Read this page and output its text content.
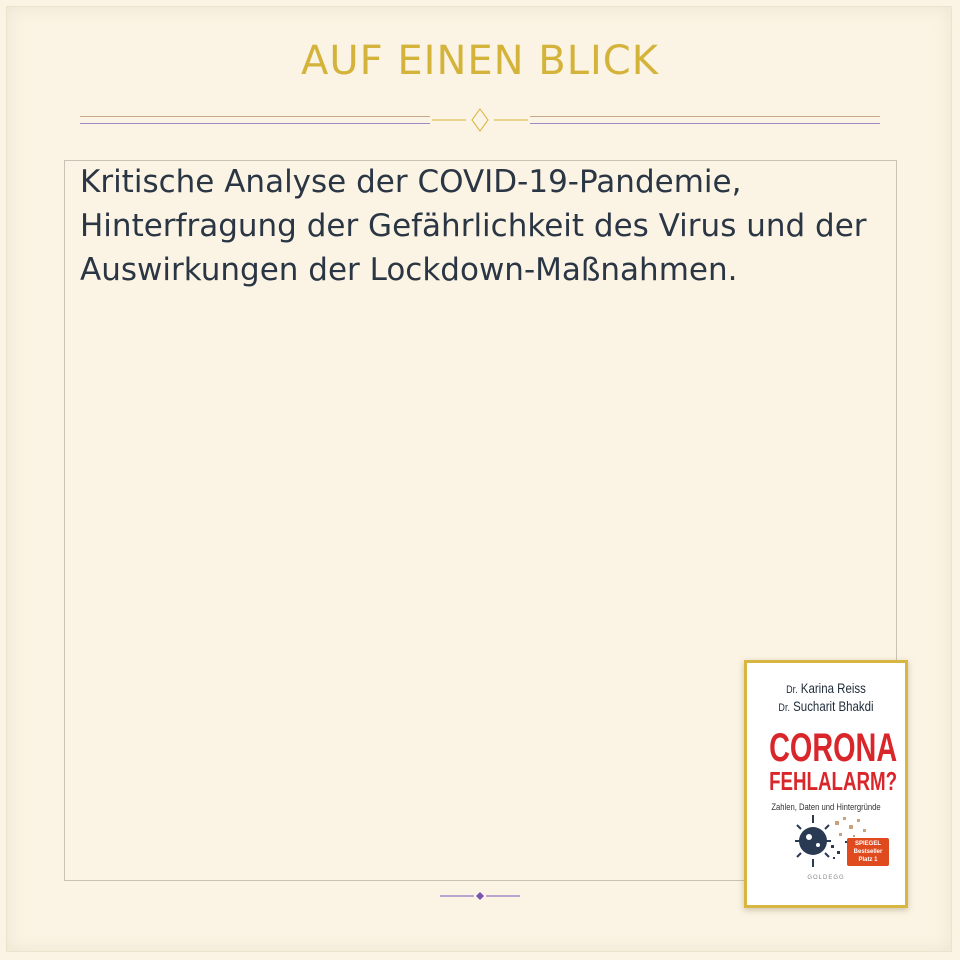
AUF EINEN BLICK

Kritische Analyse der COVID-19-Pandemie, Hinterfragung der Gefährlichkeit des Virus und der Auswirkungen der Lockdown-Maßnahmen.

Dr. Karina Reiss
Dr. Sucharit Bhakdi
CORONA
FEHLALARM?
Zahlen, Daten und Hintergründe
SPIEGEL
Bestseller
Platz 1
GOLDEGG
